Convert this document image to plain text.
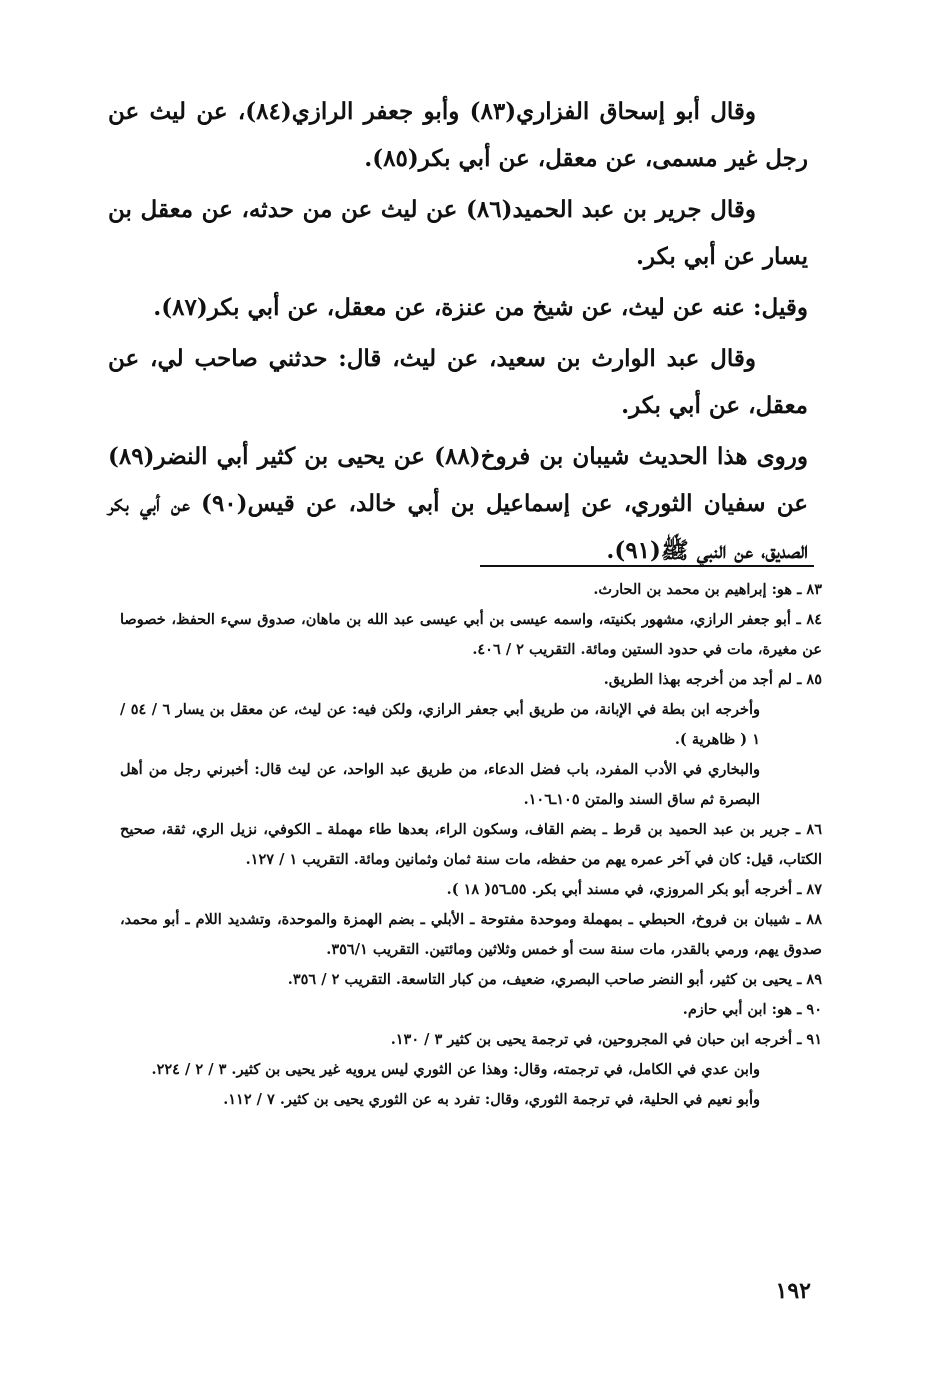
وقال أبو إسحاق الفزاري(٨٣) وأبو جعفر الرازي(٨٤)، عن ليث عن رجل غير مسمى، عن معقل، عن أبي بكر(٨٥).

وقال جرير بن عبد الحميد(٨٦) عن ليث عن من حدثه، عن معقل بن يسار عن أبي بكر.

وقيل: عنه عن ليث، عن شيخ من عنزة، عن معقل، عن أبي بكر(٨٧).

وقال عبد الوارث بن سعيد، عن ليث، قال: حدثني صاحب لي، عن معقل، عن أبي بكر.

وروى هذا الحديث شيبان بن فروخ(٨٨) عن يحيى بن كثير أبي النضر(٨٩) عن سفيان الثوري، عن إسماعيل بن أبي خالد، عن قيس(٩٠) عن أبي بكر الصديق، عن النبي ﷺ(٩١).

٨٣ ـ هو: إبراهيم بن محمد بن الحارث.

٨٤ ـ أبو جعفر الرازي، مشهور بكنيته، واسمه عيسى بن أبي عيسى عبد الله بن ماهان، صدوق سيء الحفظ، خصوصا عن مغيرة، مات في حدود الستين ومائة. التقريب ٢ / ٤٠٦.

٨٥ ـ لم أجد من أخرجه بهذا الطريق.

وأخرجه ابن بطة في الإبانة، من طريق أبي جعفر الرازي، ولكن فيه: عن ليث، عن معقل بن يسار ٦ / ٥٤ / ١ ( ظاهرية ).

والبخاري في الأدب المفرد، باب فضل الدعاء، من طريق عبد الواحد، عن ليث قال: أخبرني رجل من أهل البصرة ثم ساق السند والمتن ١٠٥ـ١٠٦.

٨٦ ـ جرير بن عبد الحميد بن قرط ـ بضم القاف، وسكون الراء، بعدها طاء مهملة ـ الكوفي، نزيل الري، ثقة، صحيح الكتاب، قيل: كان في آخر عمره يهم من حفظه، مات سنة ثمان وثمانين ومائة. التقريب ١ / ١٢٧.

٨٧ ـ أخرجه أبو بكر المروزي، في مسند أبي بكر. ٥٥ـ٥٦( ١٨ ).

٨٨ ـ شيبان بن فروخ، الحبطي ـ بمهملة وموحدة مفتوحة ـ الأبلي ـ بضم الهمزة والموحدة، وتشديد اللام ـ أبو محمد، صدوق يهم، ورمي بالقدر، مات سنة ست أو خمس وثلاثين ومائتين. التقريب ٣٥٦/١.

٨٩ ـ يحيى بن كثير، أبو النضر صاحب البصري، ضعيف، من كبار التاسعة. التقريب ٢ / ٣٥٦.

٩٠ ـ هو: ابن أبي حازم.

٩١ ـ أخرجه ابن حبان في المجروحين، في ترجمة يحيى بن كثير ٣ / ١٣٠.

وابن عدي في الكامل، في ترجمته، وقال: وهذا عن الثوري ليس يرويه غير يحيى بن كثير. ٣ / ٢ / ٢٢٤.

وأبو نعيم في الحلية، في ترجمة الثوري، وقال: تفرد به عن الثوري يحيى بن كثير. ٧ / ١١٢.

١٩٢
